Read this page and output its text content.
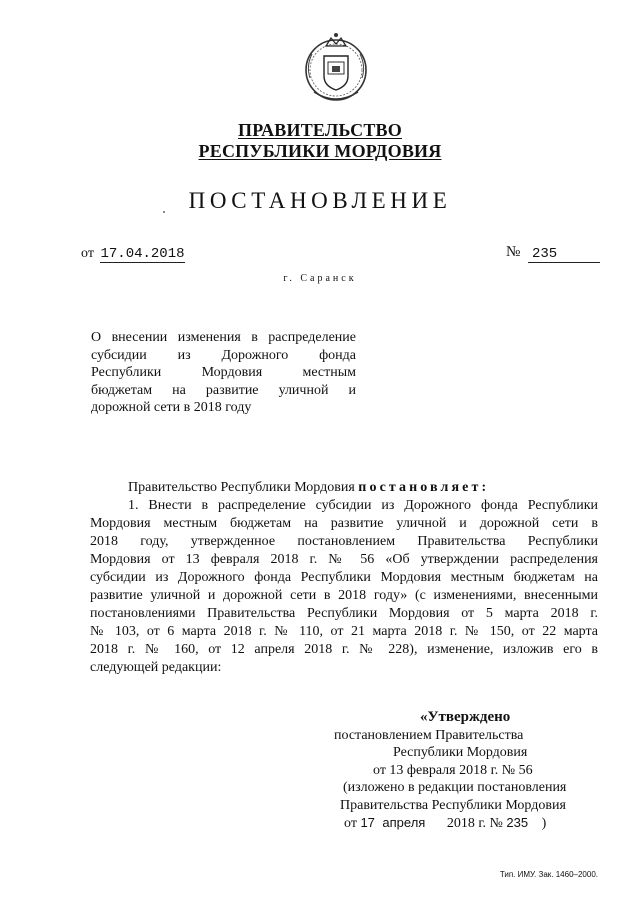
ПРАВИТЕЛЬСТВО
РЕСПУБЛИКИ МОРДОВИЯ
ПОСТАНОВЛЕНИЕ
от 17.04.2018	№ 235
г. Саранск
О внесении изменения в распределение
субсидии из Дорожного фонда
Республики Мордовия местным
бюджетам на развитие уличной и
дорожной сети в 2018 году
Правительство Республики Мордовия постановляет:
1. Внести в распределение субсидии из Дорожного фонда Республики
Мордовия местным бюджетам на развитие уличной и дорожной сети в
2018 году, утвержденное постановлением Правительства Республики
Мордовия от 13 февраля 2018 г. № 56 «Об утверждении распределения
субсидии из Дорожного фонда Республики Мордовия местным бюджетам на
развитие уличной и дорожной сети в 2018 году» (с изменениями, внесенными
постановлениями Правительства Республики Мордовия от 5 марта 2018 г.
№ 103, от 6 марта 2018 г. № 110, от 21 марта 2018 г. № 150, от 22 марта
2018 г. № 160, от 12 апреля 2018 г. № 228), изменение, изложив его в
следующей редакции:
«Утверждено
постановлением Правительства
Республики Мордовия
от 13 февраля 2018 г. № 56
(изложено в редакции постановления
Правительства Республики Мордовия
от 17 апреля 2018 г. № 235 )
Тип. ИМУ. Зак. 1460–2000.
